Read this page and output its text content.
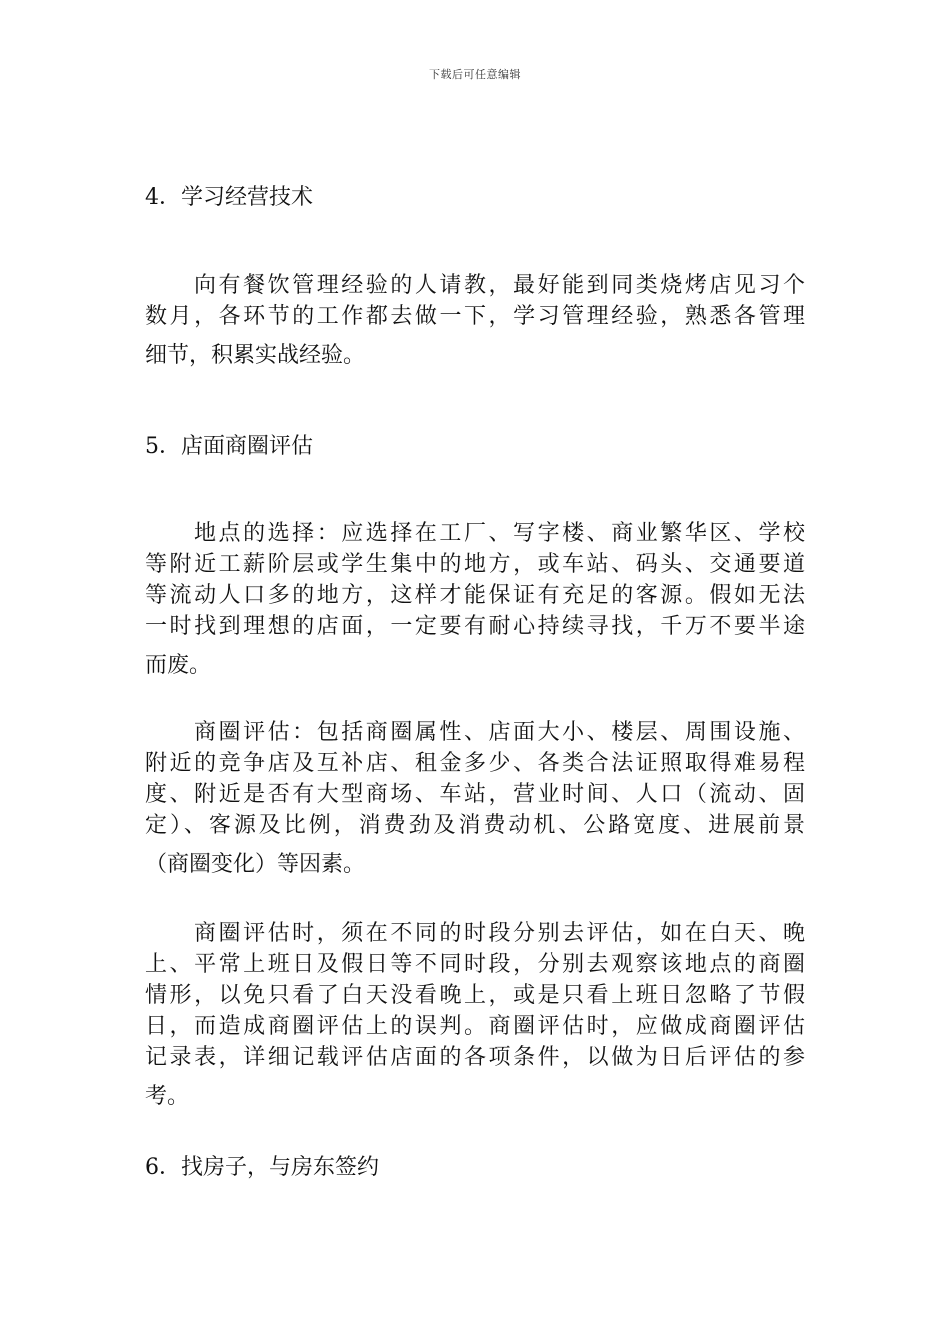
下载后可任意编辑
4．学习经营技术
向有餐饮管理经验的人请教，最好能到同类烧烤店见习个
数月，各环节的工作都去做一下，学习管理经验，熟悉各管理
细节，积累实战经验。
5．店面商圈评估
地点的选择：应选择在工厂、写字楼、商业繁华区、学校
等附近工薪阶层或学生集中的地方，或车站、码头、交通要道
等流动人口多的地方，这样才能保证有充足的客源。假如无法
一时找到理想的店面，一定要有耐心持续寻找，千万不要半途
而废。
商圈评估：包括商圈属性、店面大小、楼层、周围设施、
附近的竞争店及互补店、租金多少、各类合法证照取得难易程
度、附近是否有大型商场、车站，营业时间、人口（流动、固
定）、客源及比例，消费劲及消费动机、公路宽度、进展前景
（商圈变化）等因素。
商圈评估时，须在不同的时段分别去评估，如在白天、晚
上、平常上班日及假日等不同时段，分别去观察该地点的商圈
情形，以免只看了白天没看晚上，或是只看上班日忽略了节假
日，而造成商圈评估上的误判。商圈评估时，应做成商圈评估
记录表，详细记载评估店面的各项条件，以做为日后评估的参
考。
6．找房子，与房东签约
